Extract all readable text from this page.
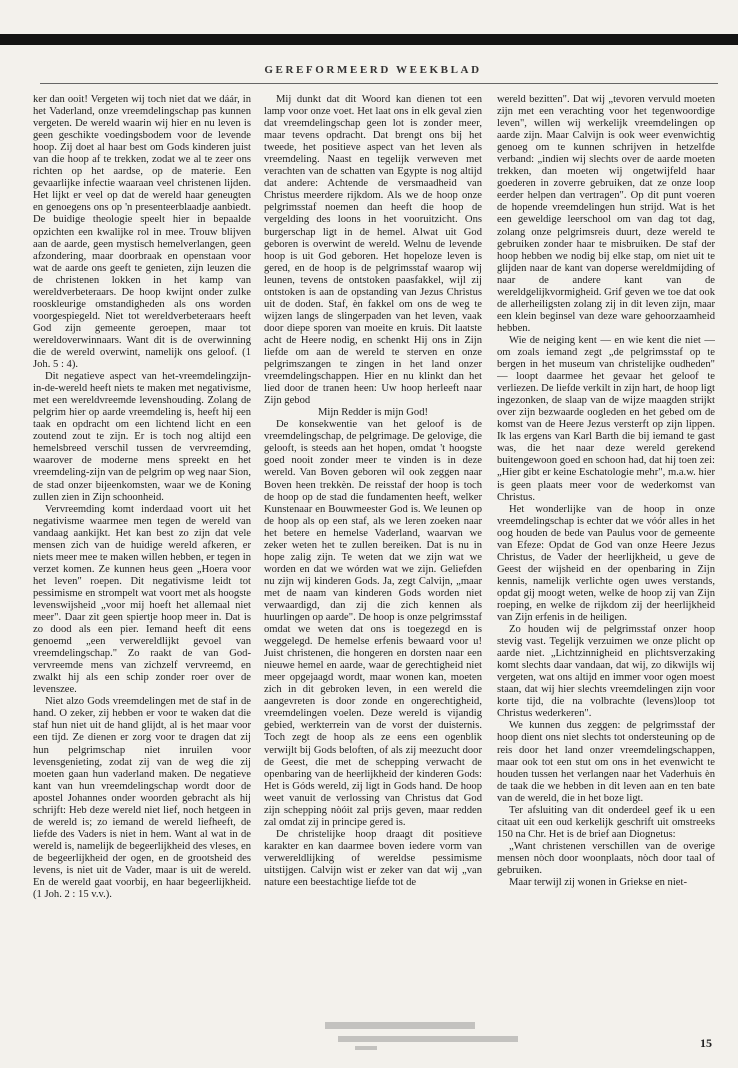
GEREFORMEERD WEEKBLAD

ker dan ooit! Vergeten wij toch niet dat we dáár, in het Vaderland, onze vreemdelingschap pas kunnen vergeten. De wereld waarin wij hier en nu leven is geen geschikte voedingsbodem voor de levende hoop. Zij doet al haar best om Gods kinderen juist van die hoop af te trekken, zodat we al te zeer ons richten op het aardse, op de materie. Een gevaarlijke infectie waaraan veel christenen lijden. Het lijkt er veel op dat de wereld haar geneugten en genoegens ons op 'n presenteerblaadje aanbiedt. De buidige theologie speelt hier in bepaalde opzichten een kwalijke rol in mee. Trouw blijven aan de aarde, geen mystisch hemelverlangen, geen afzondering, maar doorbraak en openstaan voor wat de aarde ons geeft te genieten, zijn leuzen die de christenen lokken in het kamp van wereldverbeteraars. De hoop kwijnt onder zulke rooskleurige omstandigheden als ons worden voorgespiegeld. Niet tot wereldverbeteraars heeft God zijn gemeente geroepen, maar tot wereldoverwinnaars. Want dit is de overwinning die de wereld overwint, namelijk ons geloof. (1 Joh. 5 : 4).

Dit negatieve aspect van het-vreemdelingzijn-in-de-wereld heeft niets te maken met negativisme, met een wereldvreemde levenshouding. Zolang de pelgrim hier op aarde vreemdeling is, heeft hij een taak en opdracht om een lichtend licht en een zoutend zout te zijn. Er is toch nog altijd een hemelsbreed verschil tussen de vervreemding, waarover de moderne mens spreekt en het vreemdeling-zijn van de pelgrim op weg naar Sion, de stad onzer bijeenkomsten, waar we de Koning zullen zien in Zijn schoonheid.

Vervreemding komt inderdaad voort uit het negativisme waarmee men tegen de wereld van vandaag aankijkt. Het kan best zo zijn dat vele mensen zich van de huidige wereld afkeren, er niets meer mee te maken willen hebben, er tegen in verzet komen. Ze kunnen heus geen „Hoera voor het leven" roepen. Dit negativisme leidt tot pessimisme en strompelt wat voort met als hoogste levenswijsheid „voor mij hoeft het allemaal niet meer". Daar zit geen spiertje hoop meer in. Dat is zo dood als een pier. Iemand heeft dit eens genoemd „een verwereldlijkt gevoel van vreemdelingschap." Zo raakt de van God-vervreemde mens van zichzelf vervreemd, en zwalkt hij als een schip zonder roer over de levenszee.

Niet alzo Gods vreemdelingen met de staf in de hand. O zeker, zij hebben er voor te waken dat die staf hun niet uit de hand glijdt, al is het maar voor een tijd. Ze dienen er zorg voor te dragen dat zij hun pelgrimschap niet inruilen voor levensgenieting, zodat zij van de weg die zij moeten gaan hun vaderland maken. De negatieve kant van hun vreemdelingschap wordt door de apostel Johannes onder woorden gebracht als hij schrijft: Heb deze wereld niet lief, noch hetgeen in de wereld is; zo iemand de wereld liefheeft, de liefde des Vaders is niet in hem. Want al wat in de wereld is, namelijk de begeerlijkheid des vleses, en de begeerlijkheid der ogen, en de grootsheid des levens, is niet uit de Vader, maar is uit de wereld. En de wereld gaat voorbij, en haar begeerlijkheid. (1 Joh. 2 : 15 v.v.).

Mij dunkt dat dit Woord kan dienen tot een lamp voor onze voet. Het laat ons in elk geval zien dat vreemdelingschap geen lot is zonder meer, maar tevens opdracht. Dat brengt ons bij het tweede, het positieve aspect van het leven als vreemdeling. Naast en tegelijk verweven met verachten van de schatten van Egypte is nog altijd dat andere: Achtende de versmaadheid van Christus meerdere rijkdom. Als we de hoop onze pelgrimsstaf noemen dan heeft die hoop de vergelding des loons in het vooruitzicht. Ons burgerschap ligt in de hemel. Alwat uit God geboren is overwint de wereld. Welnu de levende hoop is uit God geboren. Het hopeloze leven is gered, en de hoop is de pelgrimsstaf waarop wij leunen, tevens de ontstoken paasfakkel, wijl zij ontstoken is aan de opstanding van Jezus Christus uit de doden. Staf, èn fakkel om ons de weg te wijzen langs de slingerpaden van het leven, vaak door diepe sporen van moeite en kruis. Dit laatste acht de Heere nodig, en schenkt Hij ons in Zijn liefde om aan de wereld te sterven en onze pelgrimszangen te zingen in het land onzer vreemdelingschappen. Hier en nu klinkt dan het lied door de tranen heen: Uw hoop herleeft naar Zijn gebod

Mijn Redder is mijn God!

De konsekwentie van het geloof is de vreemdelingschap, de pelgrimage. De gelovige, die gelooft, is steeds aan het hopen, omdat 't hoogste goed nooit zonder meer te vinden is in deze wereld. Van Boven geboren wil ook zeggen naar Boven heen trekkèn. De reisstaf der hoop is toch de hoop op de stad die fundamenten heeft, welker Kunstenaar en Bouwmeester God is. We leunen op de hoop als op een staf, als we leren zoeken naar het betere en hemelse Vaderland, waarvan we zeker weten het te zullen bereiken. Dat is nu in hope zalig zijn. Te weten dat we zijn wat we worden en dat we wórden wat we zijn. Geliefden nu zijn wij kinderen Gods. Ja, zegt Calvijn, „maar met de naam van kinderen Gods worden niet verwaardigd, dan zij die zich kennen als huurlingen op aarde". De hoop is onze pelgrimsstaf omdat we weten dat ons is toegezegd en is weggelegd. De hemelse erfenis bewaard voor u! Juist christenen, die hongeren en dorsten naar een nieuwe hemel en aarde, waar de gerechtigheid niet meer opgejaagd wordt, maar wonen kan, moeten zich in dit gebroken leven, in een wereld die aangevreten is door zonde en ongerechtigheid, vreemdelingen voelen. Deze wereld is vijandig gebied, werkterrein van de vorst der duisternis. Toch zegt de hoop als ze eens een ogenblik verwijlt bij Gods beloften, of als zij meezucht door de Geest, die met de schepping verwacht de openbaring van de heerlijkheid der kinderen Gods: Het is Góds wereld, zij ligt in Gods hand. De hoop weet vanuit de verlossing van Christus dat God zijn schepping nòóit zal prijs geven, maar redden zal omdat zij in principe gered is.

De christelijke hoop draagt dit positieve karakter en kan daarmee boven iedere vorm van verwereldlijking of wereldse pessimisme uitstijgen. Calvijn wist er zeker van dat wij „van nature een beestachtige liefde tot de

wereld bezitten". Dat wij „tevoren vervuld moeten zijn met een verachting voor het tegenwoordige leven", willen wij werkelijk vreemdelingen op aarde zijn. Maar Calvijn is ook weer evenwichtig genoeg om te kunnen schrijven in hetzelfde verband: „indien wij slechts over de aarde moeten trekken, dan moeten wij ongetwijfeld haar goederen in zoverre gebruiken, dat ze onze loop eerder helpen dan vertragen". Op dit punt voeren de hopende vreemdelingen hun strijd. Wat is het een geweldige leerschool om van dag tot dag, zolang onze pelgrimsreis duurt, deze wereld te gebruiken zonder haar te misbruiken. De staf der hoop hebben we nodig bij elke stap, om niet uit te glijden naar de kant van doperse wereldmijding of naar de andere kant van de wereldgelijkvormigheid. Grif geven we toe dat ook de allerheiligsten zolang zij in dit leven zijn, maar een klein beginsel van deze ware gehoorzaamheid hebben.

Wie de neiging kent — en wie kent die niet — om zoals iemand zegt „de pelgrimsstaf op te bergen in het museum van christelijke oudheden" — loopt daarmee het gevaar het geloof te verliezen. De liefde verkilt in zijn hart, de hoop ligt ingezonken, de slaap van de wijze maagden strijkt over zijn bezwaarde oogleden en het gebed om de komst van de Heere Jezus versterft op zijn lippen. Ik las ergens van Karl Barth die bij iemand te gast was, die het naar deze wereld gerekend buitengewoon goed en schoon had, dat hij toen zei: „Hier gibt er keine Eschatologie mehr", m.a.w. hier is geen plaats meer voor de wederkomst van Christus.

Het wonderlijke van de hoop in onze vreemdelingschap is echter dat we vóór alles in het oog houden de bede van Paulus voor de gemeente van Efeze: Opdat de God van onze Heere Jezus Christus, de Vader der heerlijkheid, u geve de Geest der wijsheid en der openbaring in Zijn kennis, namelijk verlichte ogen uwes verstands, opdat gij moogt weten, welke de hoop zij van Zijn roeping, en welke de rijkdom zij der heerlijkheid van Zijn erfenis in de heiligen.

Zo houden wij de pelgrimsstaf onzer hoop stevig vast. Tegelijk verzuimen we onze plicht op aarde niet. „Lichtzinnigheid en plichtsverzaking komt slechts daar vandaan, dat wij, zo dikwijls wij vergeten, wat ons altijd en immer voor ogen moest staan, dat wij hier slechts vreemdelingen zijn voor korte tijd, die na volbrachte (levens)loop tot Christus wederkeren".

We kunnen dus zeggen: de pelgrimsstaf der hoop dient ons niet slechts tot ondersteuning op de reis door het land onzer vreemdelingschappen, maar ook tot een stut om ons in het evenwicht te houden tussen het verlangen naar het Vaderhuis èn de taak die we hebben in dit leven aan en ten bate van de wereld, die in het boze ligt.

Ter afsluiting van dit onderdeel geef ik u een citaat uit een oud kerkelijk geschrift uit omstreeks 150 na Chr. Het is de brief aan Diognetus:

„Want christenen verschillen van de overige mensen nòch door woonplaats, nòch door taal of gebruiken.

Maar terwijl zij wonen in Griekse en niet-

15
